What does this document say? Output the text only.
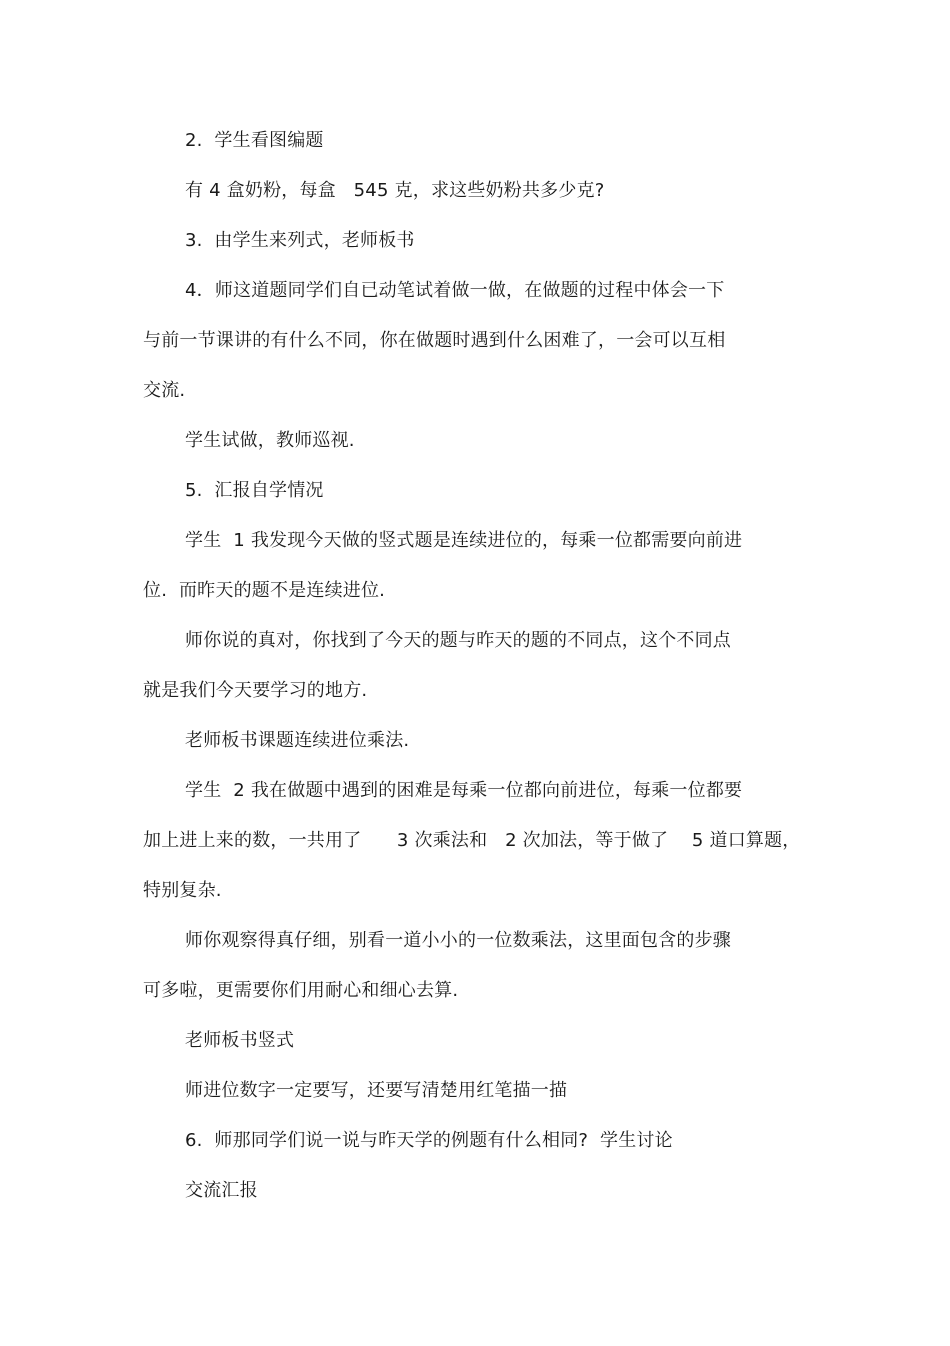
2.  学生看图编题
有 4 盒奶粉，每盒   545 克，求这些奶粉共多少克?
3.  由学生来列式，老师板书
4．师这道题同学们自已动笔试着做一做，在做题的过程中体会一下
与前一节课讲的有什么不同，你在做题时遇到什么困难了，一会可以互相
交流.
学生试做，教师巡视.
5.  汇报自学情况
学生  1 我发现今天做的竖式题是连续进位的，每乘一位都需要向前进
位.  而昨天的题不是连续进位.
师你说的真对，你找到了今天的题与昨天的题的不同点，这个不同点
就是我们今天要学习的地方.
老师板书课题连续进位乘法.
学生  2 我在做题中遇到的困难是每乘一位都向前进位，每乘一位都要
加上进上来的数，一共用了      3 次乘法和   2 次加法，等于做了    5 道口算题，
特别复杂.
师你观察得真仔细，别看一道小小的一位数乘法，这里面包含的步骤
可多啦，更需要你们用耐心和细心去算.
老师板书竖式
师进位数字一定要写，还要写清楚用红笔描一描
6.  师那同学们说一说与昨天学的例题有什么相同?  学生讨论
交流汇报
